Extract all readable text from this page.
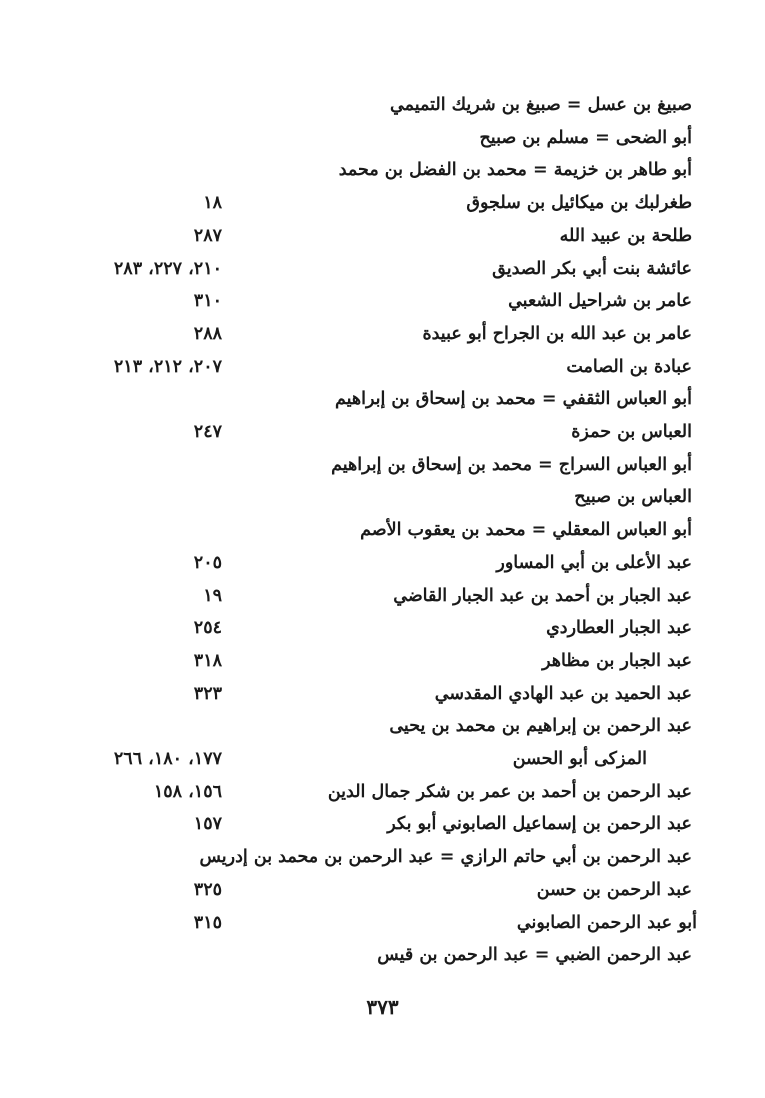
صبيغ بن عسل = صبيغ بن شريك التميمي
أبو الضحى = مسلم بن صبيح
أبو طاهر بن خزيمة = محمد بن الفضل بن محمد
طغرلبك بن ميكائيل بن سلجوق
١٨
طلحة بن عبيد الله
٢٨٧
عائشة بنت أبي بكر الصديق
٢١٠، ٢٢٧، ٢٨٣
عامر بن شراحيل الشعبي
٣١٠
عامر بن عبد الله بن الجراح أبو عبيدة
٢٨٨
عبادة بن الصامت
٢٠٧، ٢١٢، ٢١٣
أبو العباس الثقفي = محمد بن إسحاق بن إبراهيم
العباس بن حمزة
٢٤٧
أبو العباس السراج = محمد بن إسحاق بن إبراهيم
العباس بن صبيح
أبو العباس المعقلي = محمد بن يعقوب الأصم
عبد الأعلى بن أبي المساور
٢٠٥
عبد الجبار بن أحمد بن عبد الجبار القاضي
١٩
عبد الجبار العطاردي
٢٥٤
عبد الجبار بن مظاهر
٣١٨
عبد الحميد بن عبد الهادي المقدسي
٣٢٣
عبد الرحمن بن إبراهيم بن محمد بن يحيى
المزكى أبو الحسن
١٧٧، ١٨٠، ٢٦٦
عبد الرحمن بن أحمد بن عمر بن شكر جمال الدين
١٥٦، ١٥٨
عبد الرحمن بن إسماعيل الصابوني أبو بكر
١٥٧
عبد الرحمن بن أبي حاتم الرازي = عبد الرحمن بن محمد بن إدريس
عبد الرحمن بن حسن
٣٢٥
أبو عبد الرحمن الصابوني
٣١٥
عبد الرحمن الضبي = عبد الرحمن بن قيس
٣٧٣
